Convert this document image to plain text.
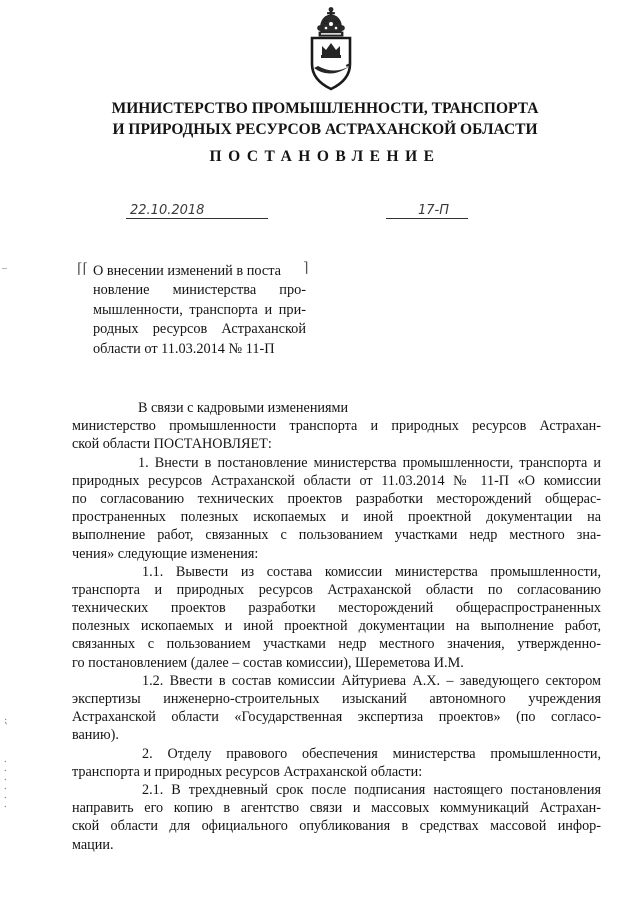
МИНИСТЕРСТВО ПРОМЫШЛЕННОСТИ, ТРАНСПОРТА
И ПРИРОДНЫХ РЕСУРСОВ АСТРАХАНСКОЙ ОБЛАСТИ
ПОСТАНОВЛЕНИЕ
22.10.2018	17-П
⌈⌈	⌉
–	О внесении изменений в поста
новление министерства про-
мышленности, транспорта и при-
родных ресурсов Астраханской
области от 11.03.2014 № 11-П
В связи с кадровыми изменениями
министерство промышленности транспорта и природных ресурсов Астрахан-
ской области ПОСТАНОВЛЯЕТ:
1. Внести в постановление министерства промышленности, транспорта и
природных ресурсов Астраханской области от 11.03.2014 № 11-П «О комиссии
по согласованию технических проектов разработки месторождений общерас-
пространенных полезных ископаемых и иной проектной документации на
выполнение работ, связанных с пользованием участками недр местного зна-
чения» следующие изменения:
1.1. Вывести из состава комиссии министерства промышленности,
транспорта и природных ресурсов Астраханской области по согласованию
технических проектов разработки месторождений общераспространенных
полезных ископаемых и иной проектной документации на выполнение работ,
связанных с пользованием участками недр местного значения, утвержденно-
го постановлением (далее – состав комиссии), Шереметова И.М.
1.2. Ввести в состав комиссии Айтуриева А.Х. – заведующего сектором
экспертизы инженерно-строительных изысканий автономного учреждения
Астраханской области «Государственная экспертиза проектов» (по согласо-
ванию).
2. Отделу правового обеспечения министерства промышленности,
транспорта и природных ресурсов Астраханской области:
2.1. В трехдневный срок после подписания настоящего постановления
направить его копию в агентство связи и массовых коммуникаций Астрахан-
ской области для официального опубликования в средствах массовой инфор-
мации.
⁏
⸱
⸱
⸱
⸱
⸱
⸱
